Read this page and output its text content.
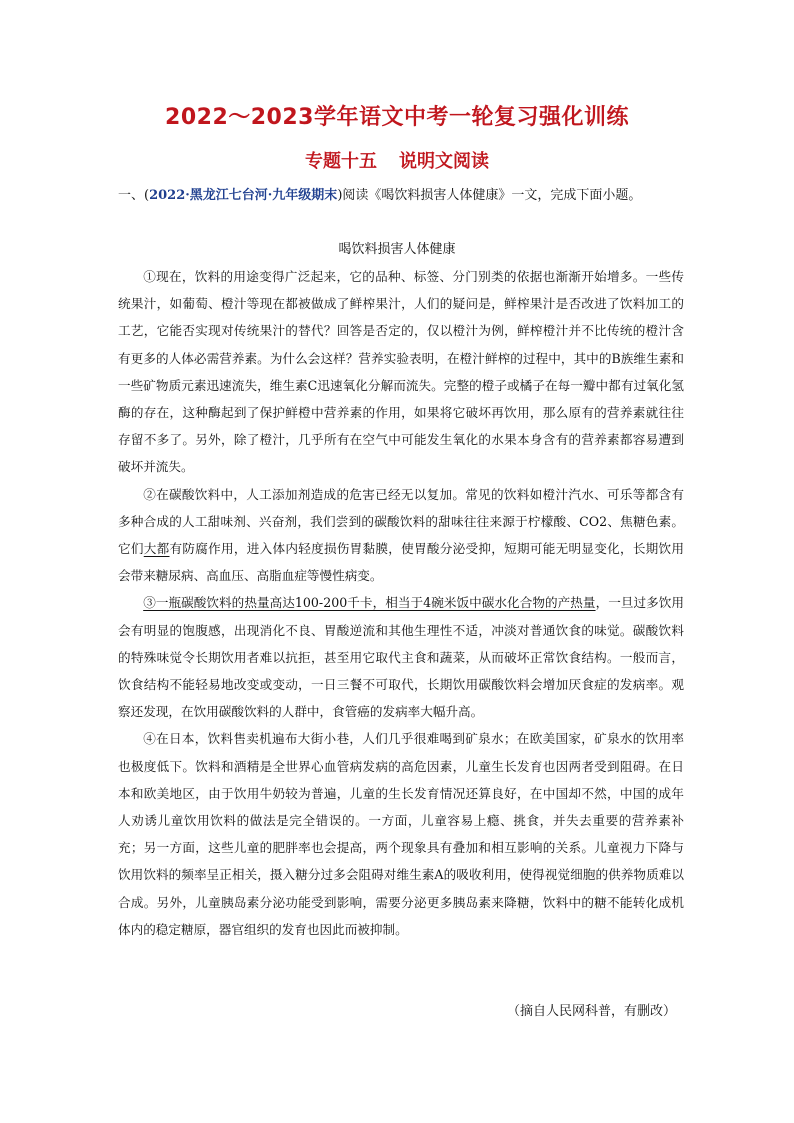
2022～2023学年语文中考一轮复习强化训练
专题十五 说明文阅读
一、(2022·黑龙江七台河·九年级期末)阅读《喝饮料损害人体健康》一文，完成下面小题。
喝饮料损害人体健康

①现在，饮料的用途变得广泛起来，它的品种、标签、分门别类的依据也渐渐开始增多。一些传统果汁，如葡萄、橙汁等现在都被做成了鲜榨果汁，人们的疑问是，鲜榨果汁是否改进了饮料加工的工艺，它能否实现对传统果汁的替代？回答是否定的，仅以橙汁为例，鲜榨橙汁并不比传统的橙汁含有更多的人体必需营养素。为什么会这样？营养实验表明，在橙汁鲜榨的过程中，其中的B族维生素和一些矿物质元素迅速流失，维生素C迅速氧化分解而流失。完整的橙子或橘子在每一瓣中都有过氧化氢酶的存在，这种酶起到了保护鲜橙中营养素的作用，如果将它破坏再饮用，那么原有的营养素就往往存留不多了。另外，除了橙汁，几乎所有在空气中可能发生氧化的水果本身含有的营养素都容易遭到破坏并流失。

②在碳酸饮料中，人工添加剂造成的危害已经无以复加。常见的饮料如橙汁汽水、可乐等都含有多种合成的人工甜味剂、兴奋剂，我们尝到的碳酸饮料的甜味往往来源于柠檬酸、CO2、焦糖色素。它们大都有防腐作用，进入体内轻度损伤胃黏膜，使胃酸分泌受抑，短期可能无明显变化，长期饮用会带来糖尿病、高血压、高脂血症等慢性病变。

③一瓶碳酸饮料的热量高达100-200千卡，相当于4碗米饭中碳水化合物的产热量，一旦过多饮用会有明显的饱腹感，出现消化不良、胃酸逆流和其他生理性不适，冲淡对普通饮食的味觉。碳酸饮料的特殊味觉令长期饮用者难以抗拒，甚至用它取代主食和蔬菜，从而破坏正常饮食结构。一般而言，饮食结构不能轻易地改变或变动，一日三餐不可取代，长期饮用碳酸饮料会增加厌食症的发病率。观察还发现，在饮用碳酸饮料的人群中，食管癌的发病率大幅升高。

④在日本，饮料售卖机遍布大街小巷，人们几乎很难喝到矿泉水；在欧美国家，矿泉水的饮用率也极度低下。饮料和酒精是全世界心血管病发病的高危因素，儿童生长发育也因两者受到阻碍。在日本和欧美地区，由于饮用牛奶较为普遍，儿童的生长发育情况还算良好，在中国却不然，中国的成年人劝诱儿童饮用饮料的做法是完全错误的。一方面，儿童容易上瘾、挑食，并失去重要的营养素补充；另一方面，这些儿童的肥胖率也会提高，两个现象具有叠加和相互影响的关系。儿童视力下降与饮用饮料的频率呈正相关，摄入糖分过多会阻碍对维生素A的吸收利用，使得视觉细胞的供养物质难以合成。另外，儿童胰岛素分泌功能受到影响，需要分泌更多胰岛素来降糖，饮料中的糖不能转化成机体内的稳定糖原，器官组织的发育也因此而被抑制。

（摘自人民网科普，有删改）
